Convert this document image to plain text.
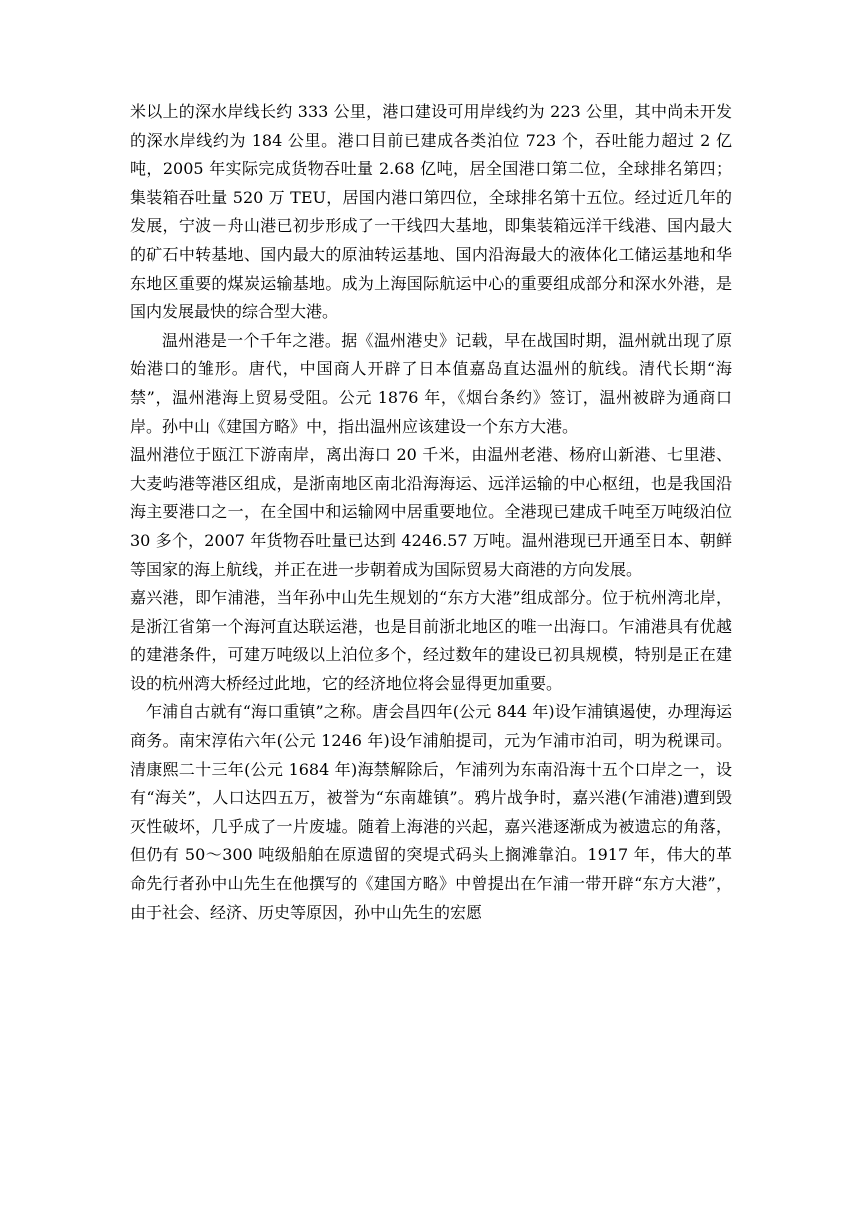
米以上的深水岸线长约 333 公里，港口建设可用岸线约为 223 公里，其中尚未开发的深水岸线约为 184 公里。港口目前已建成各类泊位 723 个，吞吐能力超过 2 亿吨，2005 年实际完成货物吞吐量 2.68 亿吨，居全国港口第二位，全球排名第四；集装箱吞吐量 520 万 TEU，居国内港口第四位，全球排名第十五位。经过近几年的发展，宁波－舟山港已初步形成了一干线四大基地，即集装箱远洋干线港、国内最大的矿石中转基地、国内最大的原油转运基地、国内沿海最大的液体化工储运基地和华东地区重要的煤炭运输基地。成为上海国际航运中心的重要组成部分和深水外港，是国内发展最快的综合型大港。

温州港是一个千年之港。据《温州港史》记载，早在战国时期，温州就出现了原始港口的雏形。唐代，中国商人开辟了日本值嘉岛直达温州的航线。清代长期“海禁”，温州港海上贸易受阻。公元 1876 年，《烟台条约》签订，温州被辟为通商口岸。孙中山《建国方略》中，指出温州应该建设一个东方大港。

温州港位于瓯江下游南岸，离出海口 20 千米，由温州老港、杨府山新港、七里港、大麦屿港等港区组成，是浙南地区南北沿海海运、远洋运输的中心枢纽，也是我国沿海主要港口之一，在全国中和运输网中居重要地位。全港现已建成千吨至万吨级泊位 30 多个，2007 年货物吞吐量已达到 4246.57 万吨。温州港现已开通至日本、朝鲜等国家的海上航线，并正在进一步朝着成为国际贸易大商港的方向发展。

嘉兴港，即乍浦港，当年孙中山先生规划的“东方大港”组成部分。位于杭州湾北岸，是浙江省第一个海河直达联运港，也是目前浙北地区的唯一出海口。乍浦港具有优越的建港条件，可建万吨级以上泊位多个，经过数年的建设已初具规模，特别是正在建设的杭州湾大桥经过此地，它的经济地位将会显得更加重要。

乍浦自古就有“海口重镇”之称。唐会昌四年(公元 844 年)设乍浦镇遏使，办理海运商务。南宋淳佑六年(公元 1246 年)设乍浦舶提司，元为乍浦市泊司，明为税课司。清康熙二十三年(公元 1684 年)海禁解除后，乍浦列为东南沿海十五个口岸之一，设有“海关”，人口达四五万，被誉为“东南雄镇”。鸦片战争时，嘉兴港(乍浦港)遭到毁灭性破坏，几乎成了一片废墟。随着上海港的兴起，嘉兴港逐渐成为被遗忘的角落，但仍有 50～300 吨级船舶在原遗留的突堤式码头上搁滩靠泊。1917 年，伟大的革命先行者孙中山先生在他撰写的《建国方略》中曾提出在乍浦一带开辟“东方大港”，由于社会、经济、历史等原因，孙中山先生的宏愿
